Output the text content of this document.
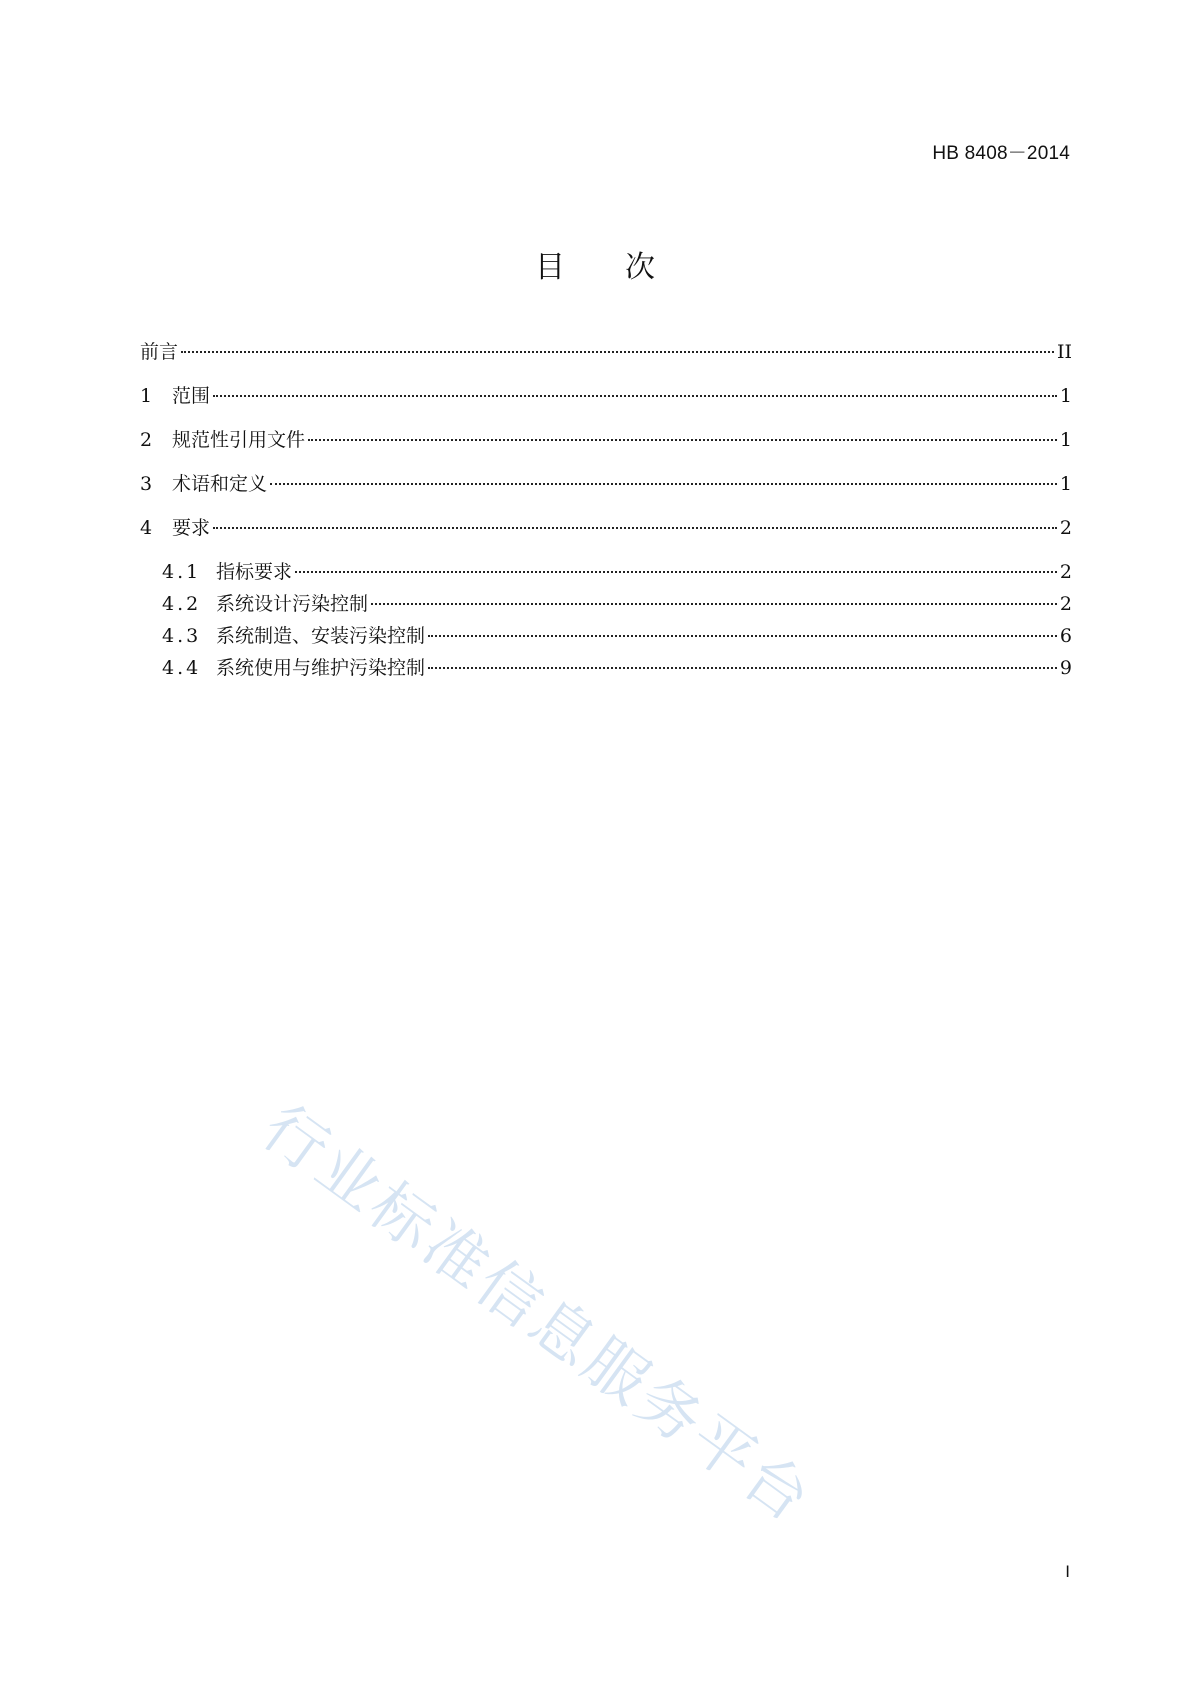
HB 8408－2014
目次
前言	II
1	范围	1
2	规范性引用文件	1
3	术语和定义	1
4	要求	2
4.1 指标要求	2
4.2 系统设计污染控制	2
4.3 系统制造、安装污染控制	6
4.4 系统使用与维护污染控制	9
行业标准信息服务平台
I
